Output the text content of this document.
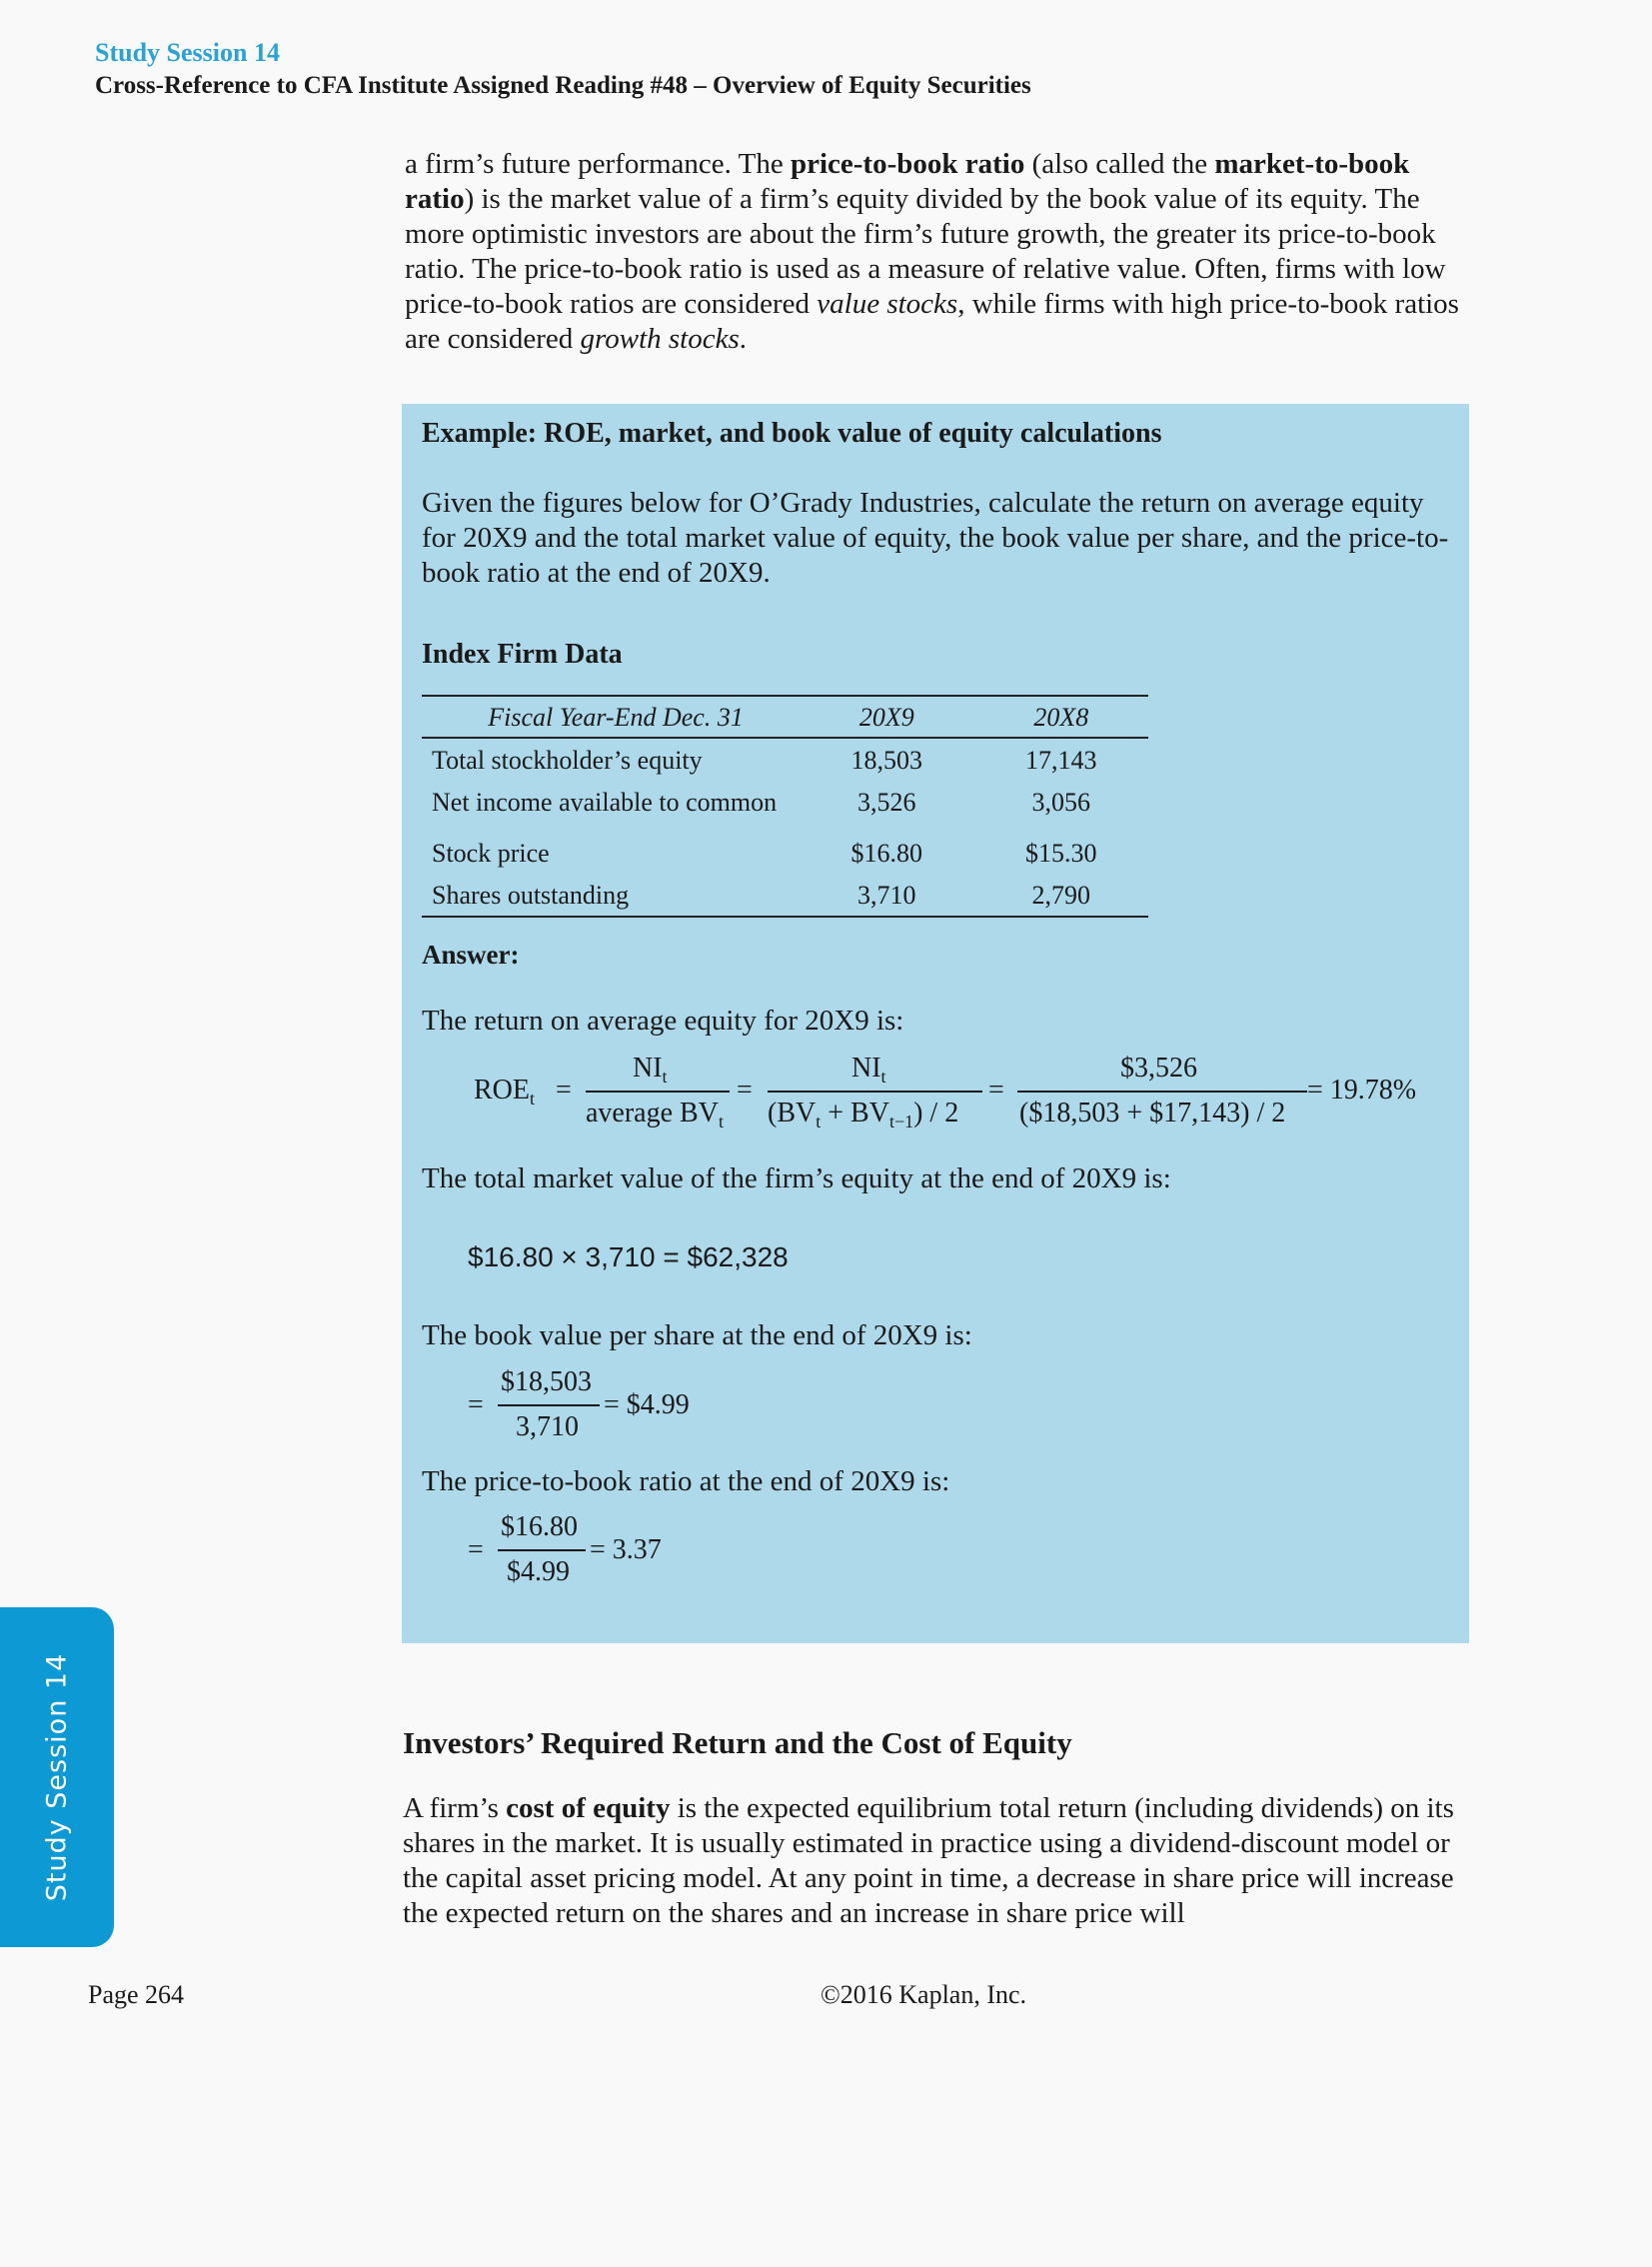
Study Session 14
Cross-Reference to CFA Institute Assigned Reading #48 – Overview of Equity Securities
a firm’s future performance. The price-to-book ratio (also called the market-to-book ratio) is the market value of a firm’s equity divided by the book value of its equity. The more optimistic investors are about the firm’s future growth, the greater its price-to-book ratio. The price-to-book ratio is used as a measure of relative value. Often, firms with low price-to-book ratios are considered value stocks, while firms with high price-to-book ratios are considered growth stocks.
Example: ROE, market, and book value of equity calculations
Given the figures below for O’Grady Industries, calculate the return on average equity for 20X9 and the total market value of equity, the book value per share, and the price-to-book ratio at the end of 20X9.
Index Firm Data
Fiscal Year-End Dec. 31	20X9	20X8
Total stockholder’s equity	18,503	17,143
Net income available to common	3,526	3,056
Stock price	$16.80	$15.30
Shares outstanding	3,710	2,790
Answer:
The return on average equity for 20X9 is:
$ROE_t$ =
$NI_t$
average $BV_t$
=
$NI_t$
$(BV_t + BV_{t-1}) / 2$
=
$3,526
($18,503 + $17,143) / 2
= 19.78%
The total market value of the firm’s equity at the end of 20X9 is:
$16.80 × 3,710 = $62,328
The book value per share at the end of 20X9 is:
=
$18,503
3,710
= $4.99
The price-to-book ratio at the end of 20X9 is:
=
$16.80
$4.99
= 3.37
Investors’ Required Return and the Cost of Equity
A firm’s cost of equity is the expected equilibrium total return (including dividends) on its shares in the market. It is usually estimated in practice using a dividend-discount model or the capital asset pricing model. At any point in time, a decrease in share price will increase the expected return on the shares and an increase in share price will
Study Session 14
Page 264	©2016 Kaplan, Inc.
